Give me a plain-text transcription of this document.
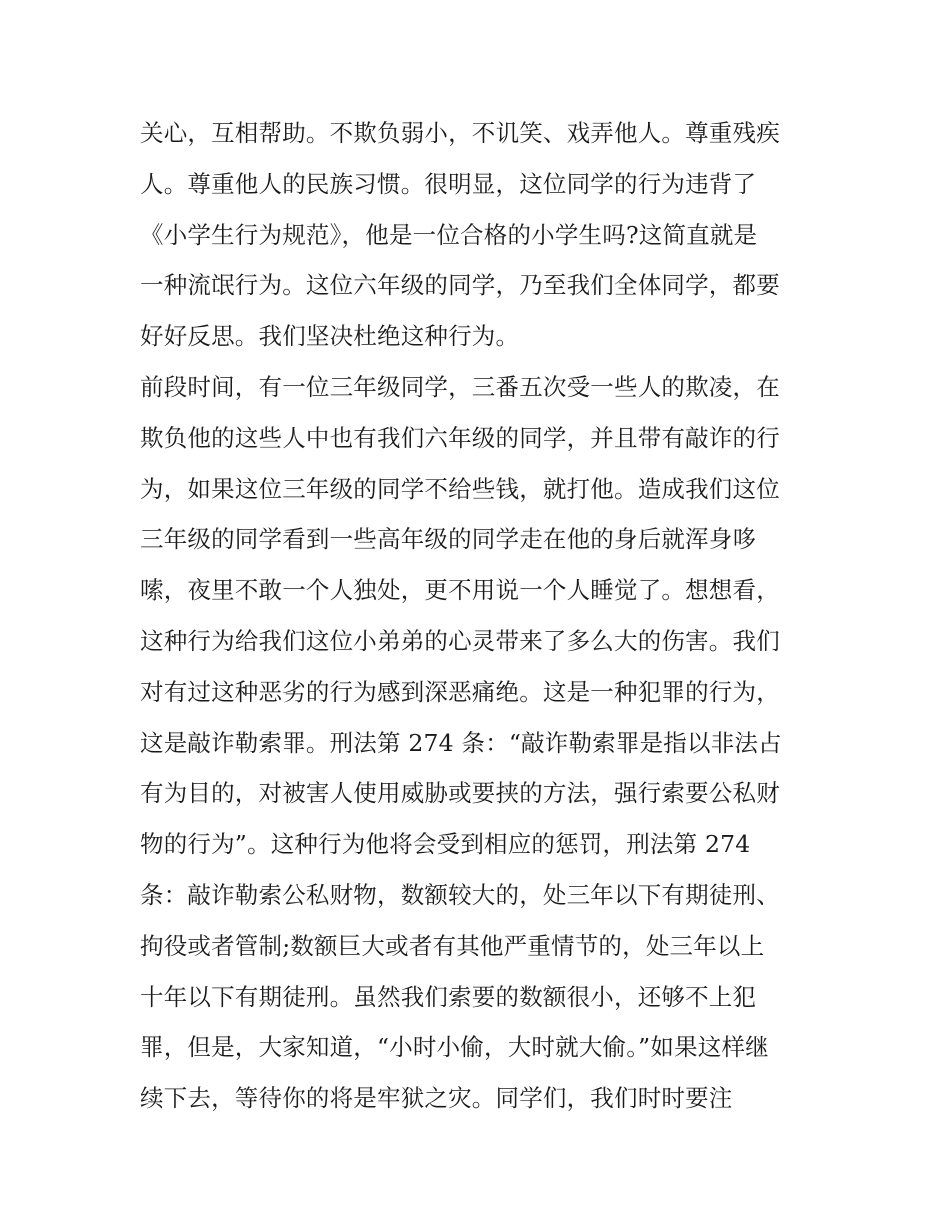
关心，互相帮助。不欺负弱小，不讥笑、戏弄他人。尊重残疾
人。尊重他人的民族习惯。很明显，这位同学的行为违背了
《小学生行为规范》，他是一位合格的小学生吗?这简直就是
一种流氓行为。这位六年级的同学，乃至我们全体同学，都要
好好反思。我们坚决杜绝这种行为。
前段时间，有一位三年级同学，三番五次受一些人的欺凌，在
欺负他的这些人中也有我们六年级的同学，并且带有敲诈的行
为，如果这位三年级的同学不给些钱，就打他。造成我们这位
三年级的同学看到一些高年级的同学走在他的身后就浑身哆
嗦，夜里不敢一个人独处，更不用说一个人睡觉了。想想看，
这种行为给我们这位小弟弟的心灵带来了多么大的伤害。我们
对有过这种恶劣的行为感到深恶痛绝。这是一种犯罪的行为，
这是敲诈勒索罪。刑法第 274 条：“敲诈勒索罪是指以非法占
有为目的，对被害人使用威胁或要挟的方法，强行索要公私财
物的行为”。这种行为他将会受到相应的惩罚，刑法第 274
条：敲诈勒索公私财物，数额较大的，处三年以下有期徒刑、
拘役或者管制;数额巨大或者有其他严重情节的，处三年以上
十年以下有期徒刑。虽然我们索要的数额很小，还够不上犯
罪，但是，大家知道，“小时小偷，大时就大偷。”如果这样继
续下去，等待你的将是牢狱之灾。同学们，我们时时要注
